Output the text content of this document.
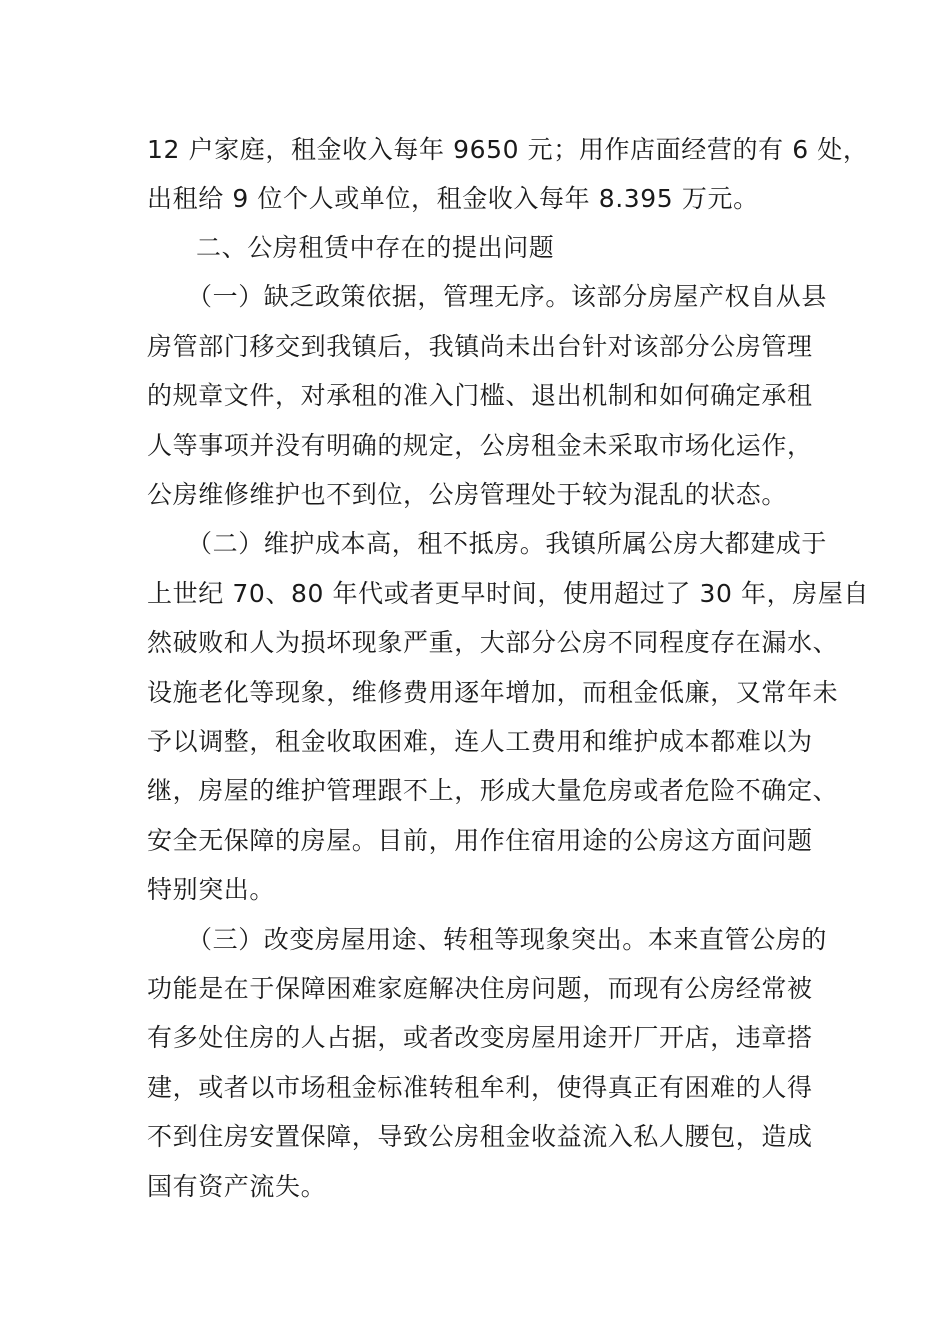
12 户家庭，租金收入每年 9650 元；用作店面经营的有 6 处，
出租给 9 位个人或单位，租金收入每年 8.395 万元。
二、公房租赁中存在的提出问题
（一）缺乏政策依据，管理无序。该部分房屋产权自从县
房管部门移交到我镇后，我镇尚未出台针对该部分公房管理
的规章文件，对承租的准入门槛、退出机制和如何确定承租
人等事项并没有明确的规定，公房租金未采取市场化运作，
公房维修维护也不到位，公房管理处于较为混乱的状态。
（二）维护成本高，租不抵房。我镇所属公房大都建成于
上世纪 70、80 年代或者更早时间，使用超过了 30 年，房屋自
然破败和人为损坏现象严重，大部分公房不同程度存在漏水、
设施老化等现象，维修费用逐年增加，而租金低廉，又常年未
予以调整，租金收取困难，连人工费用和维护成本都难以为
继，房屋的维护管理跟不上，形成大量危房或者危险不确定、
安全无保障的房屋。目前，用作住宿用途的公房这方面问题
特别突出。
（三）改变房屋用途、转租等现象突出。本来直管公房的
功能是在于保障困难家庭解决住房问题，而现有公房经常被
有多处住房的人占据，或者改变房屋用途开厂开店，违章搭
建，或者以市场租金标准转租牟利，使得真正有困难的人得
不到住房安置保障，导致公房租金收益流入私人腰包，造成
国有资产流失。
